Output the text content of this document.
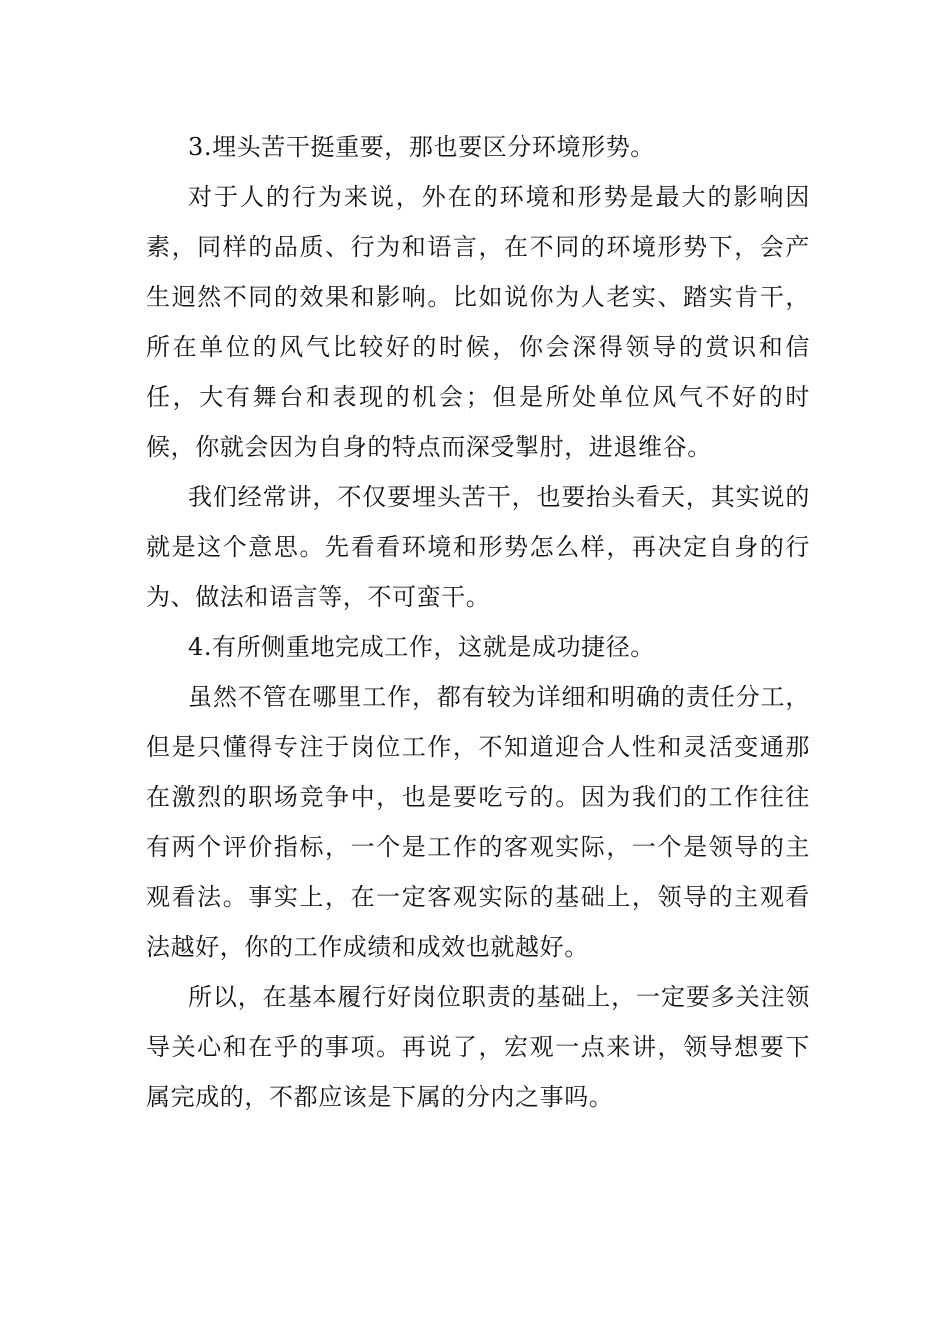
3.埋头苦干挺重要，那也要区分环境形势。

对于人的行为来说，外在的环境和形势是最大的影响因素，同样的品质、行为和语言，在不同的环境形势下，会产生迥然不同的效果和影响。比如说你为人老实、踏实肯干，所在单位的风气比较好的时候，你会深得领导的赏识和信任，大有舞台和表现的机会；但是所处单位风气不好的时候，你就会因为自身的特点而深受掣肘，进退维谷。

我们经常讲，不仅要埋头苦干，也要抬头看天，其实说的就是这个意思。先看看环境和形势怎么样，再决定自身的行为、做法和语言等，不可蛮干。

4.有所侧重地完成工作，这就是成功捷径。

虽然不管在哪里工作，都有较为详细和明确的责任分工，但是只懂得专注于岗位工作，不知道迎合人性和灵活变通那在激烈的职场竞争中，也是要吃亏的。因为我们的工作往往有两个评价指标，一个是工作的客观实际，一个是领导的主观看法。事实上，在一定客观实际的基础上，领导的主观看法越好，你的工作成绩和成效也就越好。

所以，在基本履行好岗位职责的基础上，一定要多关注领导关心和在乎的事项。再说了，宏观一点来讲，领导想要下属完成的，不都应该是下属的分内之事吗。
